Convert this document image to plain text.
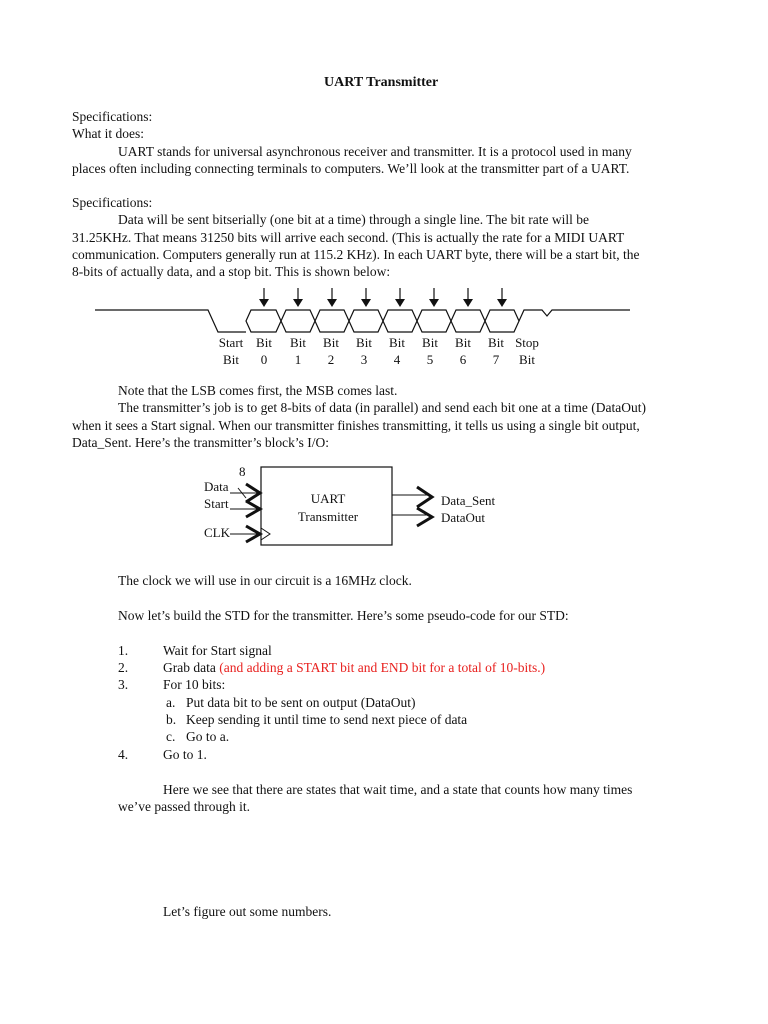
UART Transmitter
Specifications:
What it does:
UART stands for universal asynchronous receiver and transmitter. It is a protocol used in many
places often including connecting terminals to computers. We’ll look at the transmitter part of a UART.
Specifications:
Data will be sent bitserially (one bit at a time) through a single line. The bit rate will be
31.25KHz. That means 31250 bits will arrive each second. (This is actually the rate for a MIDI UART
communication. Computers generally run at 115.2 KHz). In each UART byte, there will be a start bit, the
8-bits of actually data, and a stop bit. This is shown below:
Start
Bit
Bit
0
Bit
1
Bit
2
Bit
3
Bit
4
Bit
5
Bit
6
Bit
7
Stop
Bit
Note that the LSB comes first, the MSB comes last.
The transmitter’s job is to get 8-bits of data (in parallel) and send each bit one at a time (DataOut)
when it sees a Start signal. When our transmitter finishes transmitting, it tells us using a single bit output,
Data_Sent. Here’s the transmitter’s block’s I/O:
8
Data
Start
CLK
UART
Transmitter
Data_Sent
DataOut
The clock we will use in our circuit is a 16MHz clock.
Now let’s build the STD for the transmitter. Here’s some pseudo-code for our STD:
1.	Wait for Start signal
2.	Grab data (and adding a START bit and END bit for a total of 10-bits.)
3.	For 10 bits:
a. Put data bit to be sent on output (DataOut)
b. Keep sending it until time to send next piece of data
c. Go to a.
4.	Go to 1.
Here we see that there are states that wait time, and a state that counts how many times
we’ve passed through it.
Let’s figure out some numbers.
